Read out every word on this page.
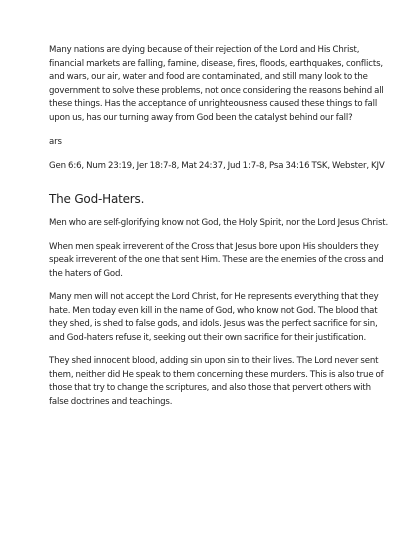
Many nations are dying because of their rejection of the Lord and His Christ, financial markets are falling, famine, disease, fires, floods, earthquakes, conflicts, and wars, our air, water and food are contaminated, and still many look to the government to solve these problems, not once considering the reasons behind all these things. Has the acceptance of unrighteousness caused these things to fall upon us, has our turning away from God been the catalyst behind our fall?

ars

Gen 6:6, Num 23:19, Jer 18:7-8, Mat 24:37, Jud 1:7-8, Psa 34:16 TSK, Webster, KJV

The God-Haters.

Men who are self-glorifying know not God, the Holy Spirit, nor the Lord Jesus Christ.

When men speak irreverent of the Cross that Jesus bore upon His shoulders they speak irreverent of the one that sent Him. These are the enemies of the cross and the haters of God.

Many men will not accept the Lord Christ, for He represents everything that they hate. Men today even kill in the name of God, who know not God. The blood that they shed, is shed to false gods, and idols. Jesus was the perfect sacrifice for sin, and God-haters refuse it, seeking out their own sacrifice for their justification.

They shed innocent blood, adding sin upon sin to their lives. The Lord never sent them, neither did He speak to them concerning these murders. This is also true of those that try to change the scriptures, and also those that pervert others with false doctrines and teachings.
